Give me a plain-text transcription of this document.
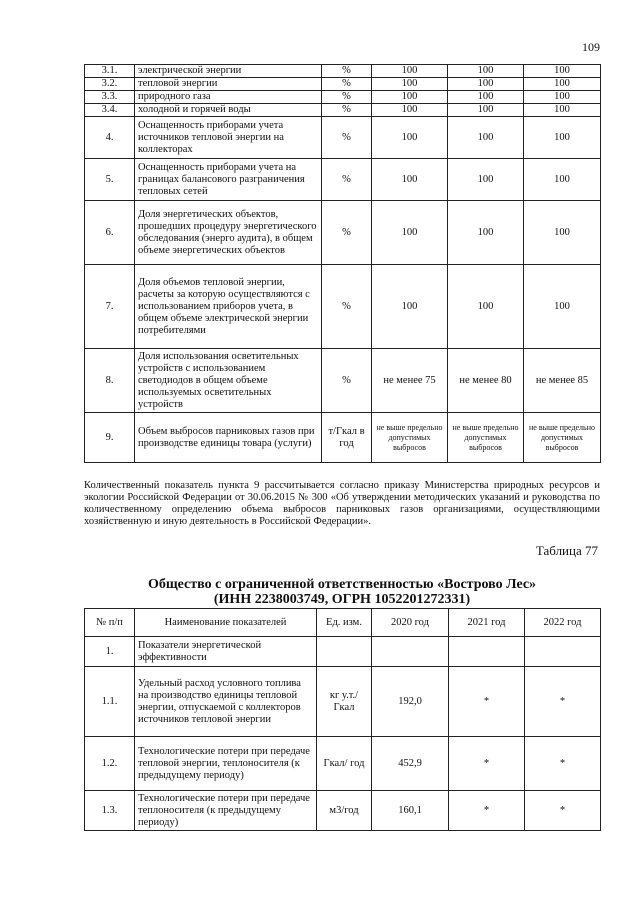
109
3.1.	электрической энергии	%	100	100	100
3.2.	тепловой энергии	%	100	100	100
3.3.	природного газа	%	100	100	100
3.4.	холодной и горячей воды	%	100	100	100
4.	Оснащенность приборами учета источников тепловой энергии на коллекторах	%	100	100	100
5.	Оснащенность приборами учета на границах балансового разграничения тепловых сетей	%	100	100	100
6.	Доля энергетических объектов, прошедших процедуру энергетического обследования (энерго аудита), в общем объеме энергетических объектов	%	100	100	100
7.	Доля объемов тепловой энергии, расчеты за которую осуществляются с использованием приборов учета, в общем объеме электрической энергии потребителями	%	100	100	100
8.	Доля использования осветительных устройств с использованием светодиодов в общем объеме используемых осветительных устройств	%	не менее 75	не менее 80	не менее 85
9.	Объем выбросов парниковых газов при производстве единицы товара (услуги)	т/Гкал в год	не выше предельно допустимых выбросов	не выше предельно допустимых выбросов	не выше предельно допустимых выбросов
Количественный показатель пункта 9 рассчитывается согласно приказу Министерства природных ресурсов и экологии Российской Федерации от 30.06.2015 № 300 «Об утверждении методических указаний и руководства по количественному определению объема выбросов парниковых газов организациями, осуществляющими хозяйственную и иную деятельность в Российской Федерации».
Таблица 77
Общество с ограниченной ответственностью «Вострово Лес»
(ИНН 2238003749, ОГРН 1052201272331)
№ п/п	Наименование показателей	Ед. изм.	2020 год	2021 год	2022 год
1.	Показатели энергетической эффективности				
1.1.	Удельный расход условного топлива на производство единицы тепловой энергии, отпускаемой с коллекторов источников тепловой энергии	кг у.т./ Гкал	192,0	*	*
1.2.	Технологические потери при передаче тепловой энергии, теплоносителя (к предыдущему периоду)	Гкал/ год	452,9	*	*
1.3.	Технологические потери при передаче теплоносителя (к предыдущему периоду)	м3/год	160,1	*	*
